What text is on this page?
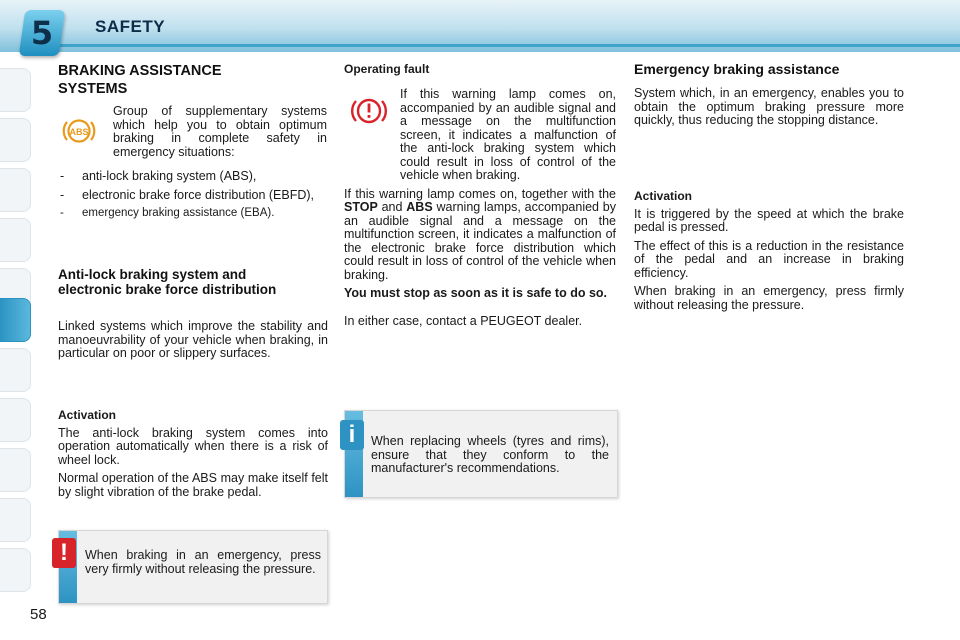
5	SAFETY
BRAKING ASSISTANCE
SYSTEMS
ABS

Group of supplementary systems which help you to obtain optimum braking in complete safety in emergency situations:

- anti-lock braking system (ABS),
- electronic brake force distribution (EBFD),
- emergency braking assistance (EBA).
Anti-lock braking system and electronic brake force distribution

Linked systems which improve the stability and manoeuvrability of your vehicle when braking, in particular on poor or slippery surfaces.

Activation

The anti-lock braking system comes into operation automatically when there is a risk of wheel lock.

Normal operation of the ABS may make itself felt by slight vibration of the brake pedal.

When braking in an emergency, press very firmly without releasing the pressure.
!
Operating fault

If this warning lamp comes on, accompanied by an audible signal and a message on the multifunction screen, it indicates a malfunction of the anti-lock braking system which could result in loss of control of the vehicle when braking.

If this warning lamp comes on, together with the STOP and ABS warning lamps, accompanied by an audible signal and a message on the multifunction screen, it indicates a malfunction of the electronic brake force distribution which could result in loss of control of the vehicle when braking.

You must stop as soon as it is safe to do so.

In either case, contact a PEUGEOT dealer.

When replacing wheels (tyres and rims), ensure that they conform to the manufacturer's recommendations.
i
Emergency braking assistance

System which, in an emergency, enables you to obtain the optimum braking pressure more quickly, thus reducing the stopping distance.

Activation

It is triggered by the speed at which the brake pedal is pressed.

The effect of this is a reduction in the resistance of the pedal and an increase in braking efficiency.

When braking in an emergency, press firmly without releasing the pressure.

58
